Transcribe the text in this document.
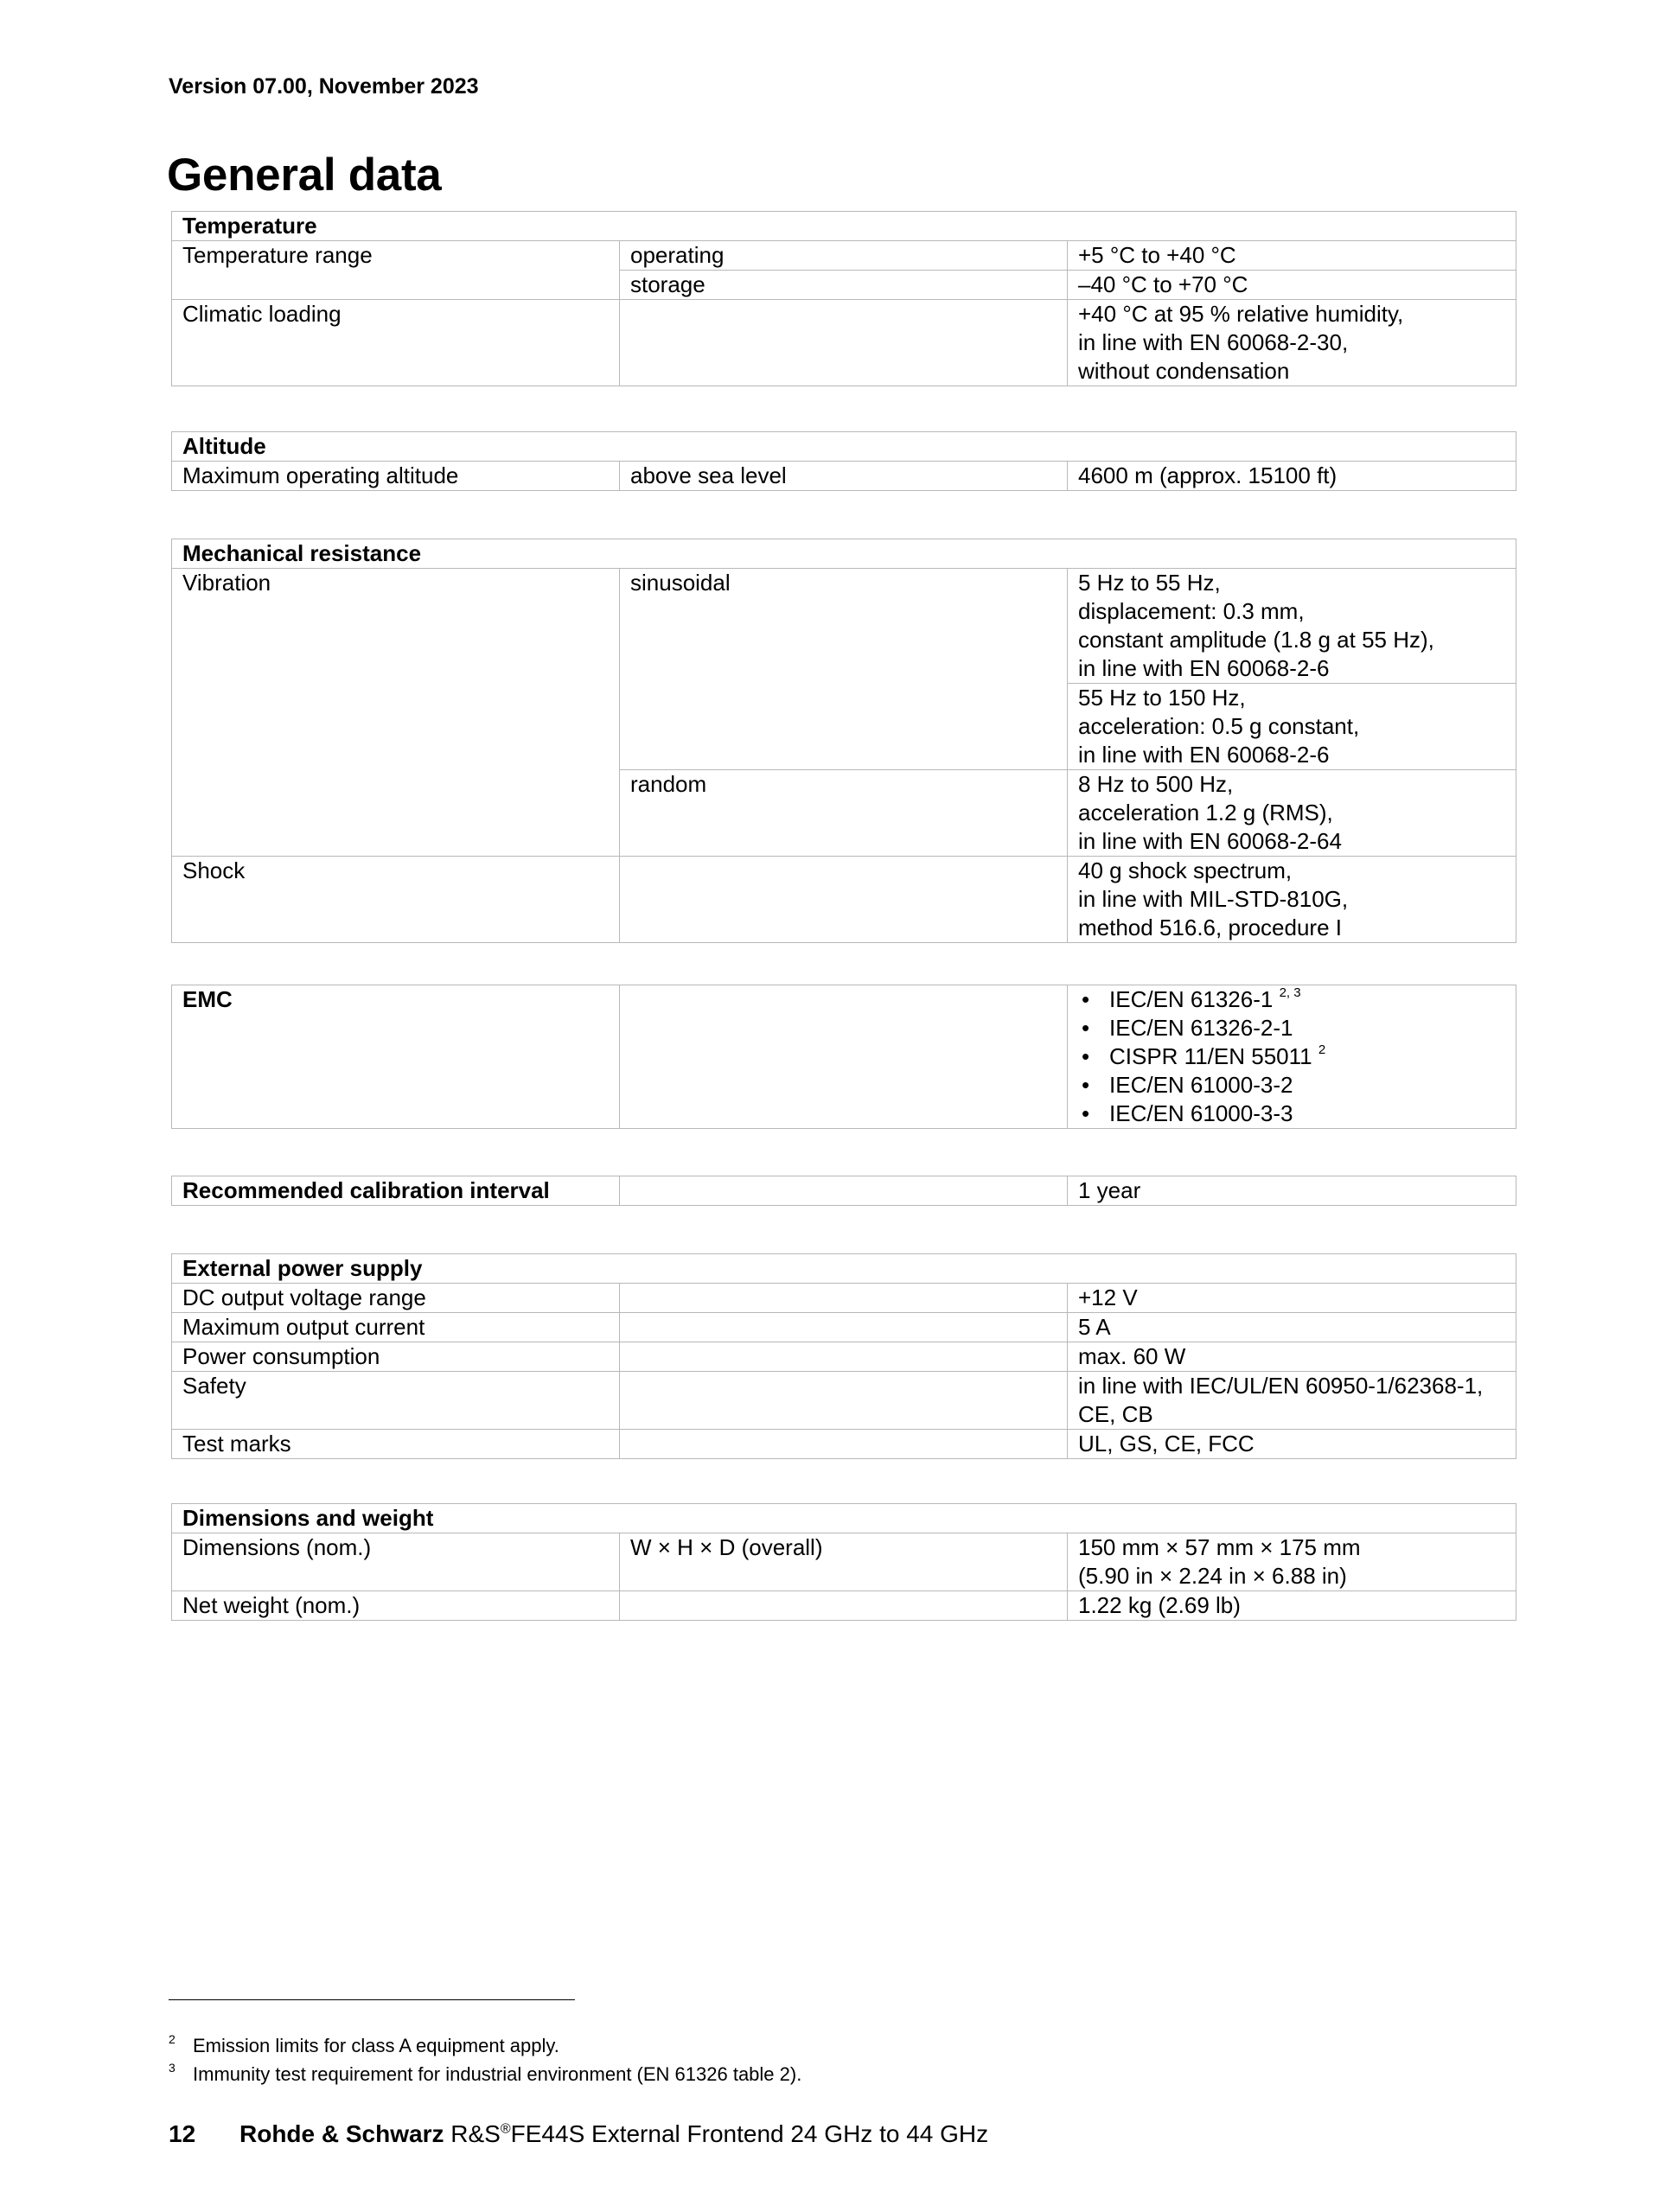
Version 07.00, November 2023
General data
Temperature		
Temperature range	operating	+5 °C to +40 °C
	storage	–40 °C to +70 °C
Climatic loading		+40 °C at 95 % relative humidity,
in line with EN 60068-2-30,
without condensation
Altitude
Maximum operating altitude	above sea level	4600 m (approx. 15100 ft)
Mechanical resistance		
Vibration	sinusoidal	5 Hz to 55 Hz,
displacement: 0.3 mm,
constant amplitude (1.8 g at 55 Hz),
in line with EN 60068-2-6

		55 Hz to 150 Hz,
acceleration: 0.5 g constant,
in line with EN 60068-2-6

	random	8 Hz to 500 Hz,
acceleration 1.2 g (RMS),
in line with EN 60068-2-64

Shock		40 g shock spectrum,
in line with MIL-STD-810G,
method 516.6, procedure I
EMC		
•IEC/EN 61326-1 $^{2, 3}$
• IEC/EN 61326-2-1
• CISPR 11/EN 55011 $^2$
• IEC/EN 61000-3-2
• IEC/EN 61000-3-3
Recommended calibration interval		1 year
External power supply		
DC output voltage range		+12 V
Maximum output current		5 A
Power consumption		max. 60 W
Safety		in line with IEC/UL/EN 60950-1/62368-1,
CE, CB

Test marks		UL, GS, CE, FCC
Dimensions and weight		
Dimensions (nom.)	W × H × D (overall)	150 mm × 57 mm × 175 mm
(5.90 in × 2.24 in × 6.88 in)

Net weight (nom.)		1.22 kg (2.69 lb)
2 Emission limits for class A equipment apply.
3 Immunity test requirement for industrial environment (EN 61326 table 2).
12 Rohde & Schwarz R&S®FE44S External Frontend 24 GHz to 44 GHz
